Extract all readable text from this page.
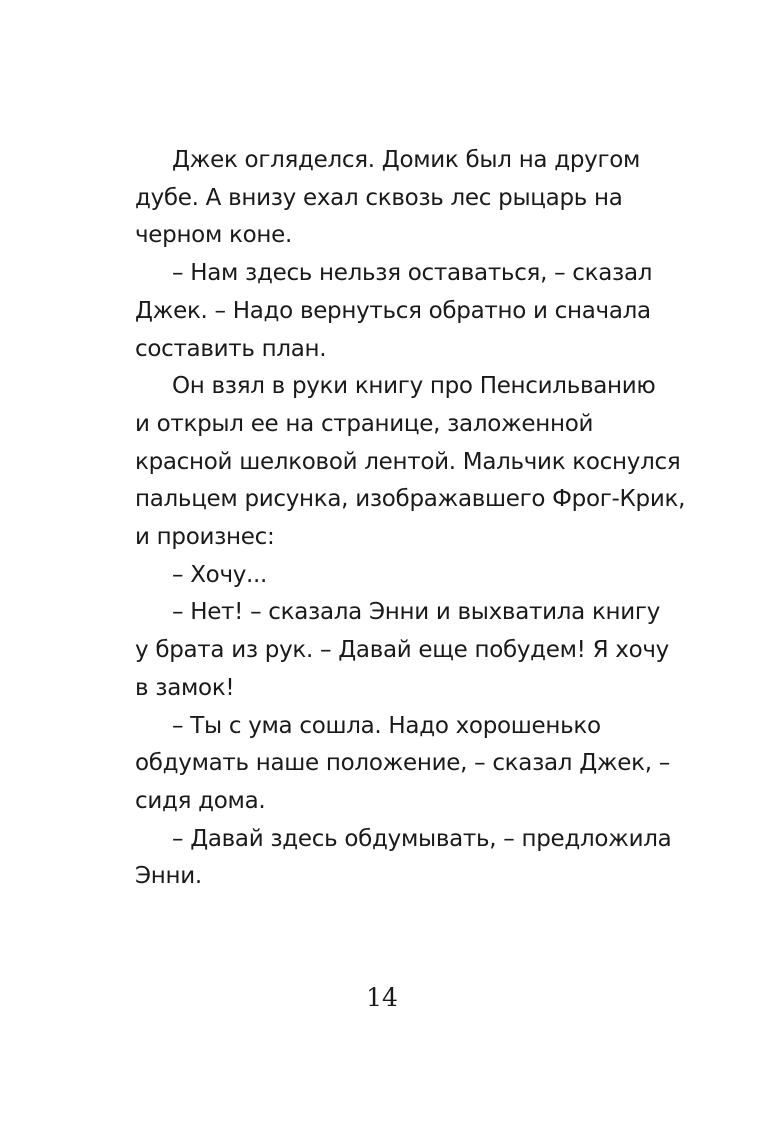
Джек огляделся. Домик был на другом
дубе. А внизу ехал сквозь лес рыцарь на
черном коне.
– Нам здесь нельзя оставаться, – сказал
Джек. – Надо вернуться обратно и сначала
составить план.
Он взял в руки книгу про Пенсильванию
и открыл ее на странице, заложенной
красной шелковой лентой. Мальчик коснулся
пальцем рисунка, изображавшего Фрог-Крик,
и произнес:
– Хочу...
– Нет! – сказала Энни и выхватила книгу
у брата из рук. – Давай еще побудем! Я хочу
в замок!
– Ты с ума сошла. Надо хорошенько
обдумать наше положение, – сказал Джек, –
сидя дома.
– Давай здесь обдумывать, – предложила
Энни.
14
